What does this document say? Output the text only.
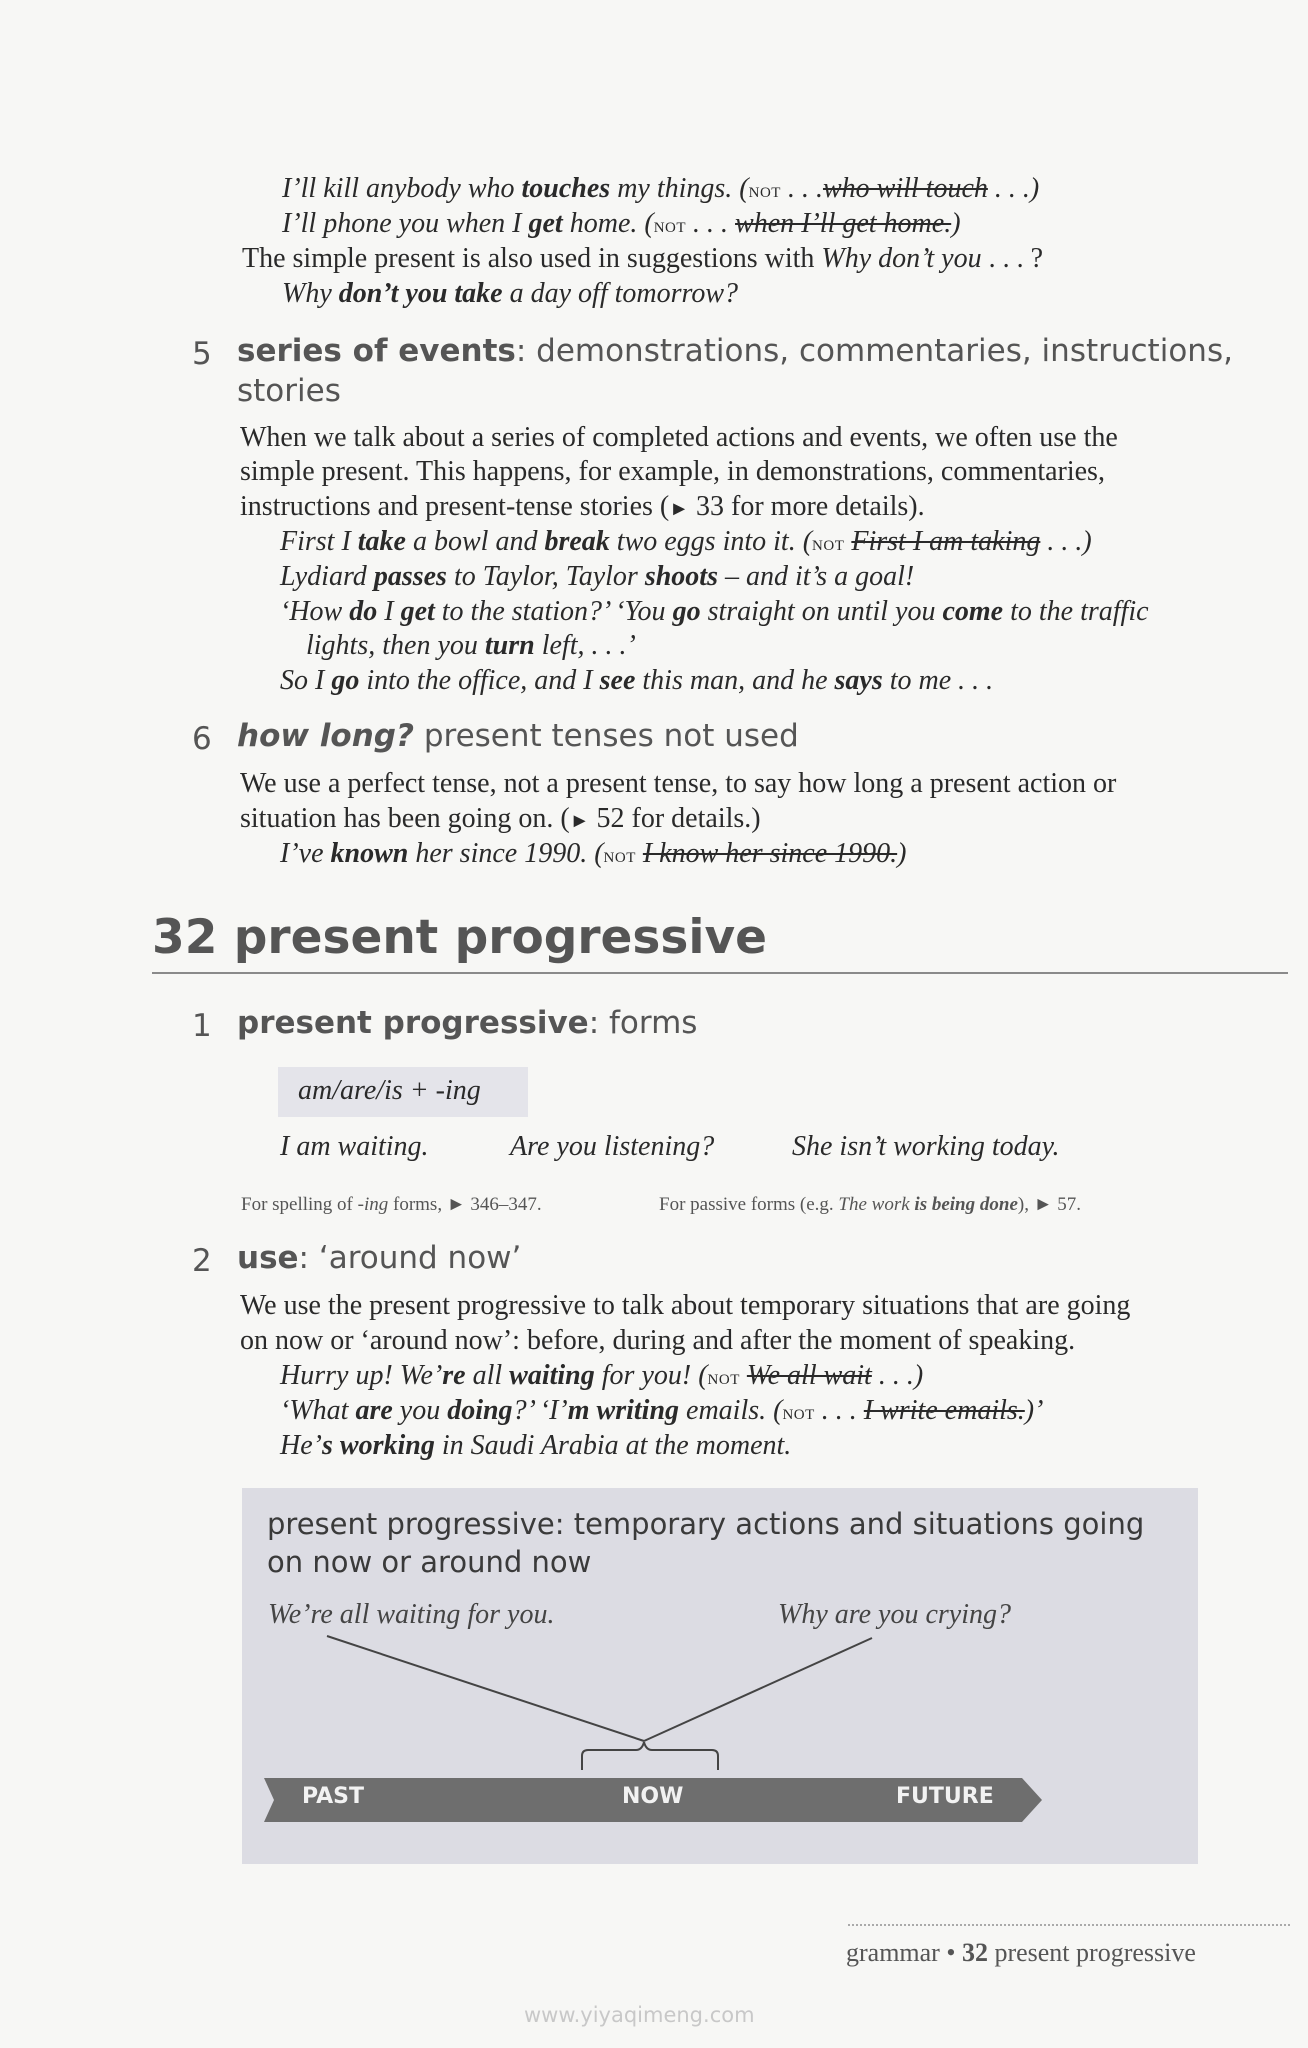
I’ll kill anybody who touches my things. (not . . .who will touch . . .)
I’ll phone you when I get home. (not . . . when I’ll get home.)
The simple present is also used in suggestions with Why don’t you . . . ?
Why don’t you take a day off tomorrow?
5 series of events: demonstrations, commentaries, instructions,
stories
When we talk about a series of completed actions and events, we often use the
simple present. This happens, for example, in demonstrations, commentaries,
instructions and present-tense stories (► 33 for more details).
First I take a bowl and break two eggs into it. (not First I am taking . . .)
Lydiard passes to Taylor, Taylor shoots – and it’s a goal!
‘How do I get to the station?’ ‘You go straight on until you come to the traffic
lights, then you turn left, . . .’
So I go into the office, and I see this man, and he says to me . . .
6 how long? present tenses not used
We use a perfect tense, not a present tense, to say how long a present action or
situation has been going on. (► 52 for details.)
I’ve known her since 1990. (not I know her since 1990.)
32 present progressive
1 present progressive: forms
am/are/is + -ing
I am waiting.	Are you listening?	She isn’t working today.
For spelling of -ing forms, ► 346–347.	For passive forms (e.g. The work is being done), ► 57.
2 use: ‘around now’
We use the present progressive to talk about temporary situations that are going
on now or ‘around now’: before, during and after the moment of speaking.
Hurry up! We’re all waiting for you! (not We all wait . . .)
‘What are you doing?’ ‘I’m writing emails. (not . . . I write emails.)’
He’s working in Saudi Arabia at the moment.
present progressive: temporary actions and situations going
on now or around now
We’re all waiting for you.	Why are you crying?
PAST	NOW	FUTURE
grammar • 32 present progressive
www.yiyaqimeng.com
